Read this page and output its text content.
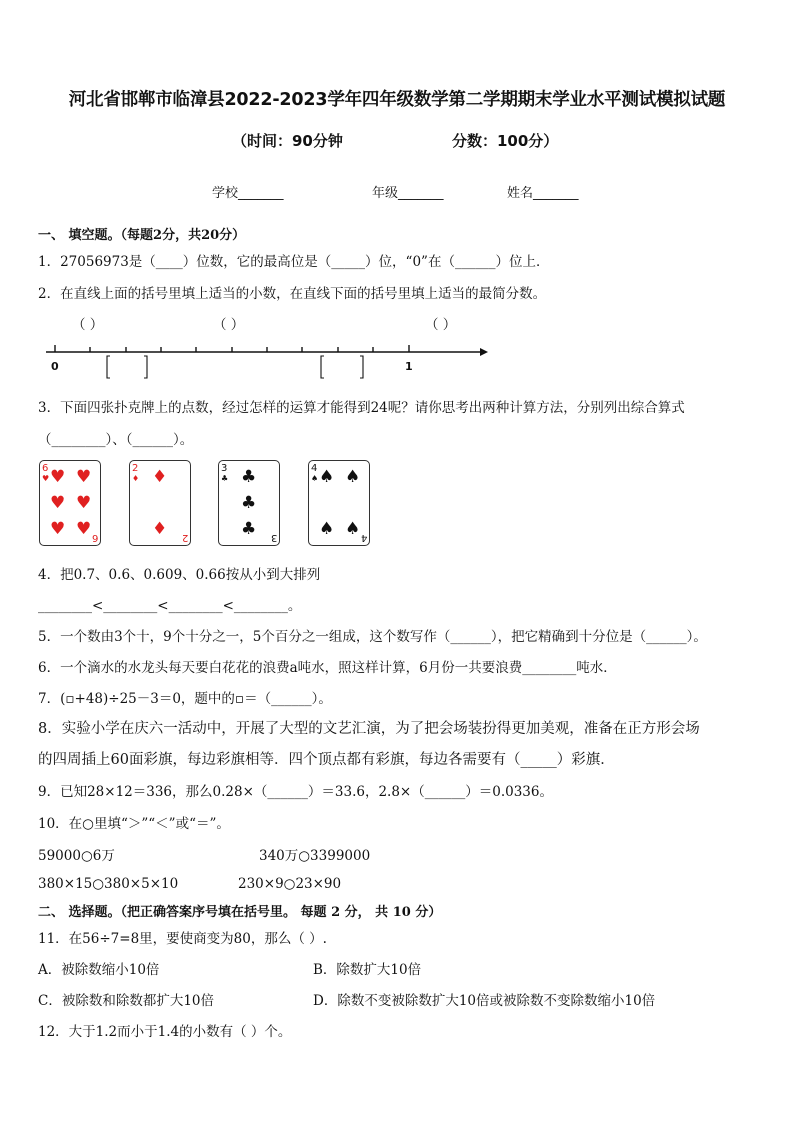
河北省邯郸市临漳县2022-2023学年四年级数学第二学期期末学业水平测试模拟试题
（时间：90分钟	分数：100分）
学校_______	年级_______	姓名_______
一、 填空题。（每题2分，共20分）
1．27056973是（____）位数，它的最高位是（_____）位，“0”在（______）位上．
2．在直线上面的括号里填上适当的小数，在直线下面的括号里填上适当的最简分数。
（ ）	（ ）	（ ）
0	1
3．下面四张扑克牌上的点数，经过怎样的运算才能得到24呢？请你思考出两种计算方法，分别列出综合算式
（________）、（______）。
6
♥ ♥ ♥
♥ ♥
♥ ♥ 6
2
♦ ♦
♦ 2
3
♣ ♣
♣
♣ 3
4
♠ ♠ ♠
♠ ♠ 4
4．把0.7、0.6、0.609、0.66按从小到大排列
________<________<________<________。
5．一个数由3个十，9个十分之一，5个百分之一组成，这个数写作（______），把它精确到十分位是（______）。
6．一个滴水的水龙头每天要白花花的浪费a吨水，照这样计算，6月份一共要浪费________吨水．
7．(▫+48)÷25－3＝0，题中的▫＝（______）。
8．实验小学在庆六一活动中，开展了大型的文艺汇演，为了把会场装扮得更加美观，准备在正方形会场
的四周插上60面彩旗，每边彩旗相等．四个顶点都有彩旗，每边各需要有（_____）彩旗．
9．已知28×12＝336，那么0.28×（______）＝33.6，2.8×（______）＝0.0336。
10．在○里填“＞”“＜”或“＝”。
59000○6万	340万○3399000
380×15○380×5×10	230×9○23×90
二、 选择题。（把正确答案序号填在括号里。 每题 2 分， 共 10 分）
11．在56÷7=8里，要使商变为80，那么（ ）.
A．被除数缩小10倍	B．除数扩大10倍
C．被除数和除数都扩大10倍	D．除数不变被除数扩大10倍或被除数不变除数缩小10倍
12．大于1.2而小于1.4的小数有（ ）个。
